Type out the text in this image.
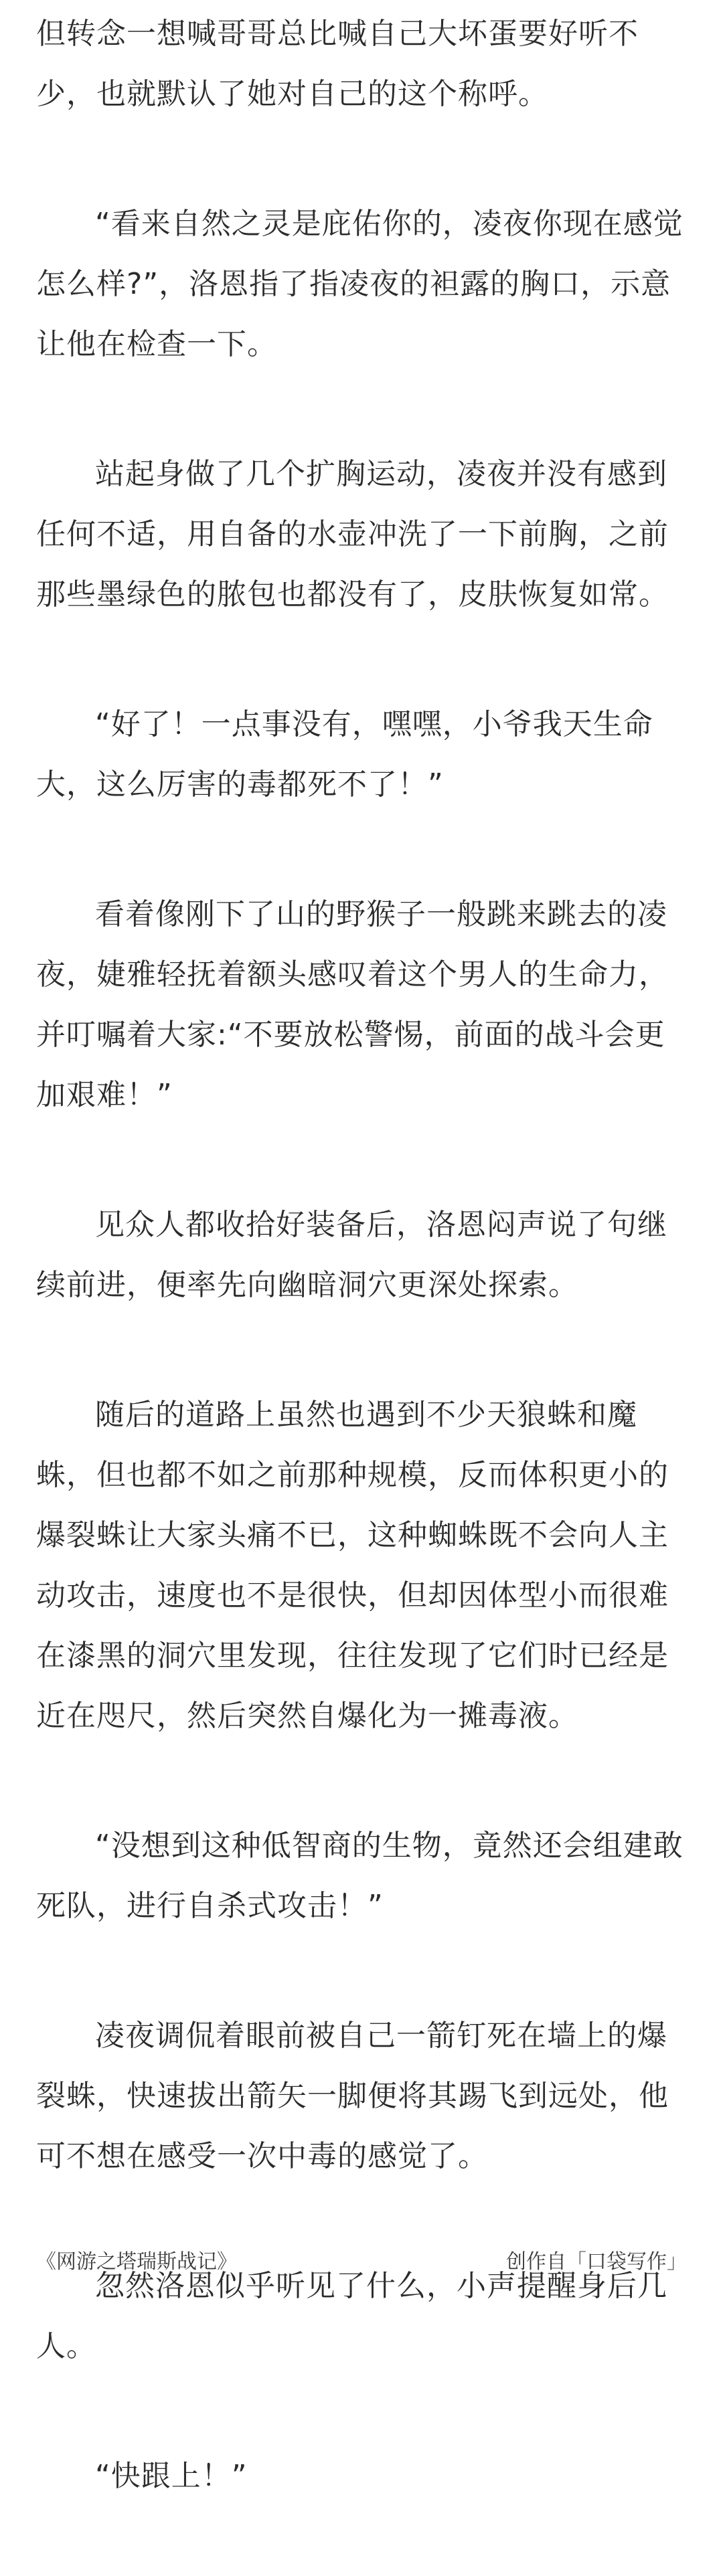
但转念一想喊哥哥总比喊自己大坏蛋要好听不少，也就默认了她对自己的这个称呼。

“看来自然之灵是庇佑你的，凌夜你现在感觉怎么样?”，洛恩指了指凌夜的袒露的胸口，示意让他在检查一下。

站起身做了几个扩胸运动，凌夜并没有感到任何不适，用自备的水壶冲洗了一下前胸，之前那些墨绿色的脓包也都没有了，皮肤恢复如常。

“好了！一点事没有，嘿嘿，小爷我天生命大，这么厉害的毒都死不了！”

看着像刚下了山的野猴子一般跳来跳去的凌夜，婕雅轻抚着额头感叹着这个男人的生命力，并叮嘱着大家:“不要放松警惕，前面的战斗会更加艰难！”

见众人都收拾好装备后，洛恩闷声说了句继续前进，便率先向幽暗洞穴更深处探索。

随后的道路上虽然也遇到不少天狼蛛和魔蛛，但也都不如之前那种规模，反而体积更小的爆裂蛛让大家头痛不已，这种蜘蛛既不会向人主动攻击，速度也不是很快，但却因体型小而很难在漆黑的洞穴里发现，往往发现了它们时已经是近在咫尺，然后突然自爆化为一摊毒液。

“没想到这种低智商的生物，竟然还会组建敢死队，进行自杀式攻击！”

凌夜调侃着眼前被自己一箭钉死在墙上的爆裂蛛，快速拔出箭矢一脚便将其踢飞到远处，他可不想在感受一次中毒的感觉了。

忽然洛恩似乎听见了什么，小声提醒身后几人。

“快跟上！”

《网游之塔瑞斯战记》	创作自「口袋写作」
